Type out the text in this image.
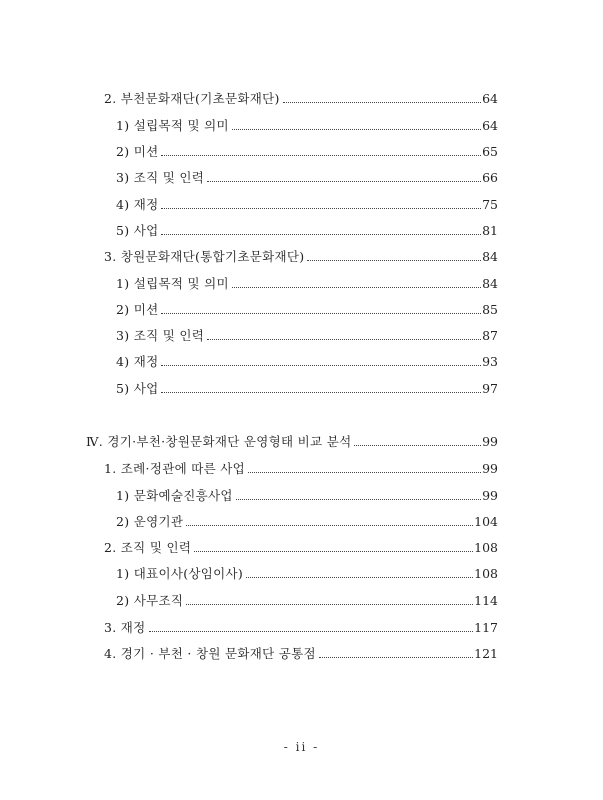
2. 부천문화재단(기초문화재단)	64
1) 설립목적 및 의미	64
2) 미션	65
3) 조직 및 인력	66
4) 재정	75
5) 사업	81
3. 창원문화재단(통합기초문화재단)	84
1) 설립목적 및 의미	84
2) 미션	85
3) 조직 및 인력	87
4) 재정	93
5) 사업	97
Ⅳ. 경기·부천·창원문화재단 운영형태 비교 분석	99
1. 조례·정관에 따른 사업	99
1) 문화예술진흥사업	99
2) 운영기관	104
2. 조직 및 인력	108
1) 대표이사(상임이사)	108
2) 사무조직	114
3. 재정	117
4. 경기 · 부천 · 창원 문화재단 공통점	121
- ii -
